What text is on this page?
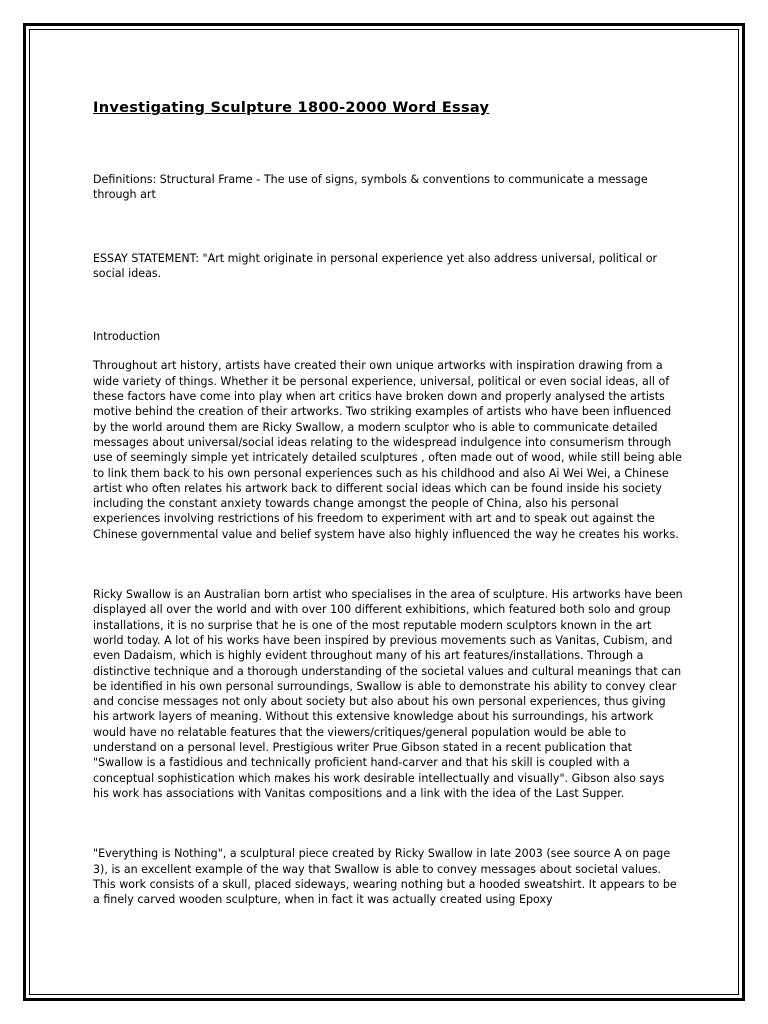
Investigating Sculpture 1800-2000 Word Essay

Definitions: Structural Frame - The use of signs, symbols & conventions to communicate a message through art

ESSAY STATEMENT: "Art might originate in personal experience yet also address universal, political or social ideas.

Introduction

Throughout art history, artists have created their own unique artworks with inspiration drawing from a wide variety of things. Whether it be personal experience, universal, political or even social ideas, all of these factors have come into play when art critics have broken down and properly analysed the artists motive behind the creation of their artworks. Two striking examples of artists who have been influenced by the world around them are Ricky Swallow, a modern sculptor who is able to communicate detailed messages about universal/social ideas relating to the widespread indulgence into consumerism through use of seemingly simple yet intricately detailed sculptures , often made out of wood, while still being able to link them back to his own personal experiences such as his childhood and also Ai Wei Wei, a Chinese artist who often relates his artwork back to different social ideas which can be found inside his society including the constant anxiety towards change amongst the people of China, also his personal experiences involving restrictions of his freedom to experiment with art and to speak out against the Chinese governmental value and belief system have also highly influenced the way he creates his works.

Ricky Swallow is an Australian born artist who specialises in the area of sculpture. His artworks have been displayed all over the world and with over 100 different exhibitions, which featured both solo and group installations, it is no surprise that he is one of the most reputable modern sculptors known in the art world today. A lot of his works have been inspired by previous movements such as Vanitas, Cubism, and even Dadaism, which is highly evident throughout many of his art features/installations. Through a distinctive technique and a thorough understanding of the societal values and cultural meanings that can be identified in his own personal surroundings, Swallow is able to demonstrate his ability to convey clear and concise messages not only about society but also about his own personal experiences, thus giving his artwork layers of meaning. Without this extensive knowledge about his surroundings, his artwork would have no relatable features that the viewers/critiques/general population would be able to understand on a personal level. Prestigious writer Prue Gibson stated in a recent publication that "Swallow is a fastidious and technically proficient hand-carver and that his skill is coupled with a conceptual sophistication which makes his work desirable intellectually and visually". Gibson also says his work has associations with Vanitas compositions and a link with the idea of the Last Supper.

"Everything is Nothing", a sculptural piece created by Ricky Swallow in late 2003 (see source A on page 3), is an excellent example of the way that Swallow is able to convey messages about societal values. This work consists of a skull, placed sideways, wearing nothing but a hooded sweatshirt. It appears to be a finely carved wooden sculpture, when in fact it was actually created using Epoxy
